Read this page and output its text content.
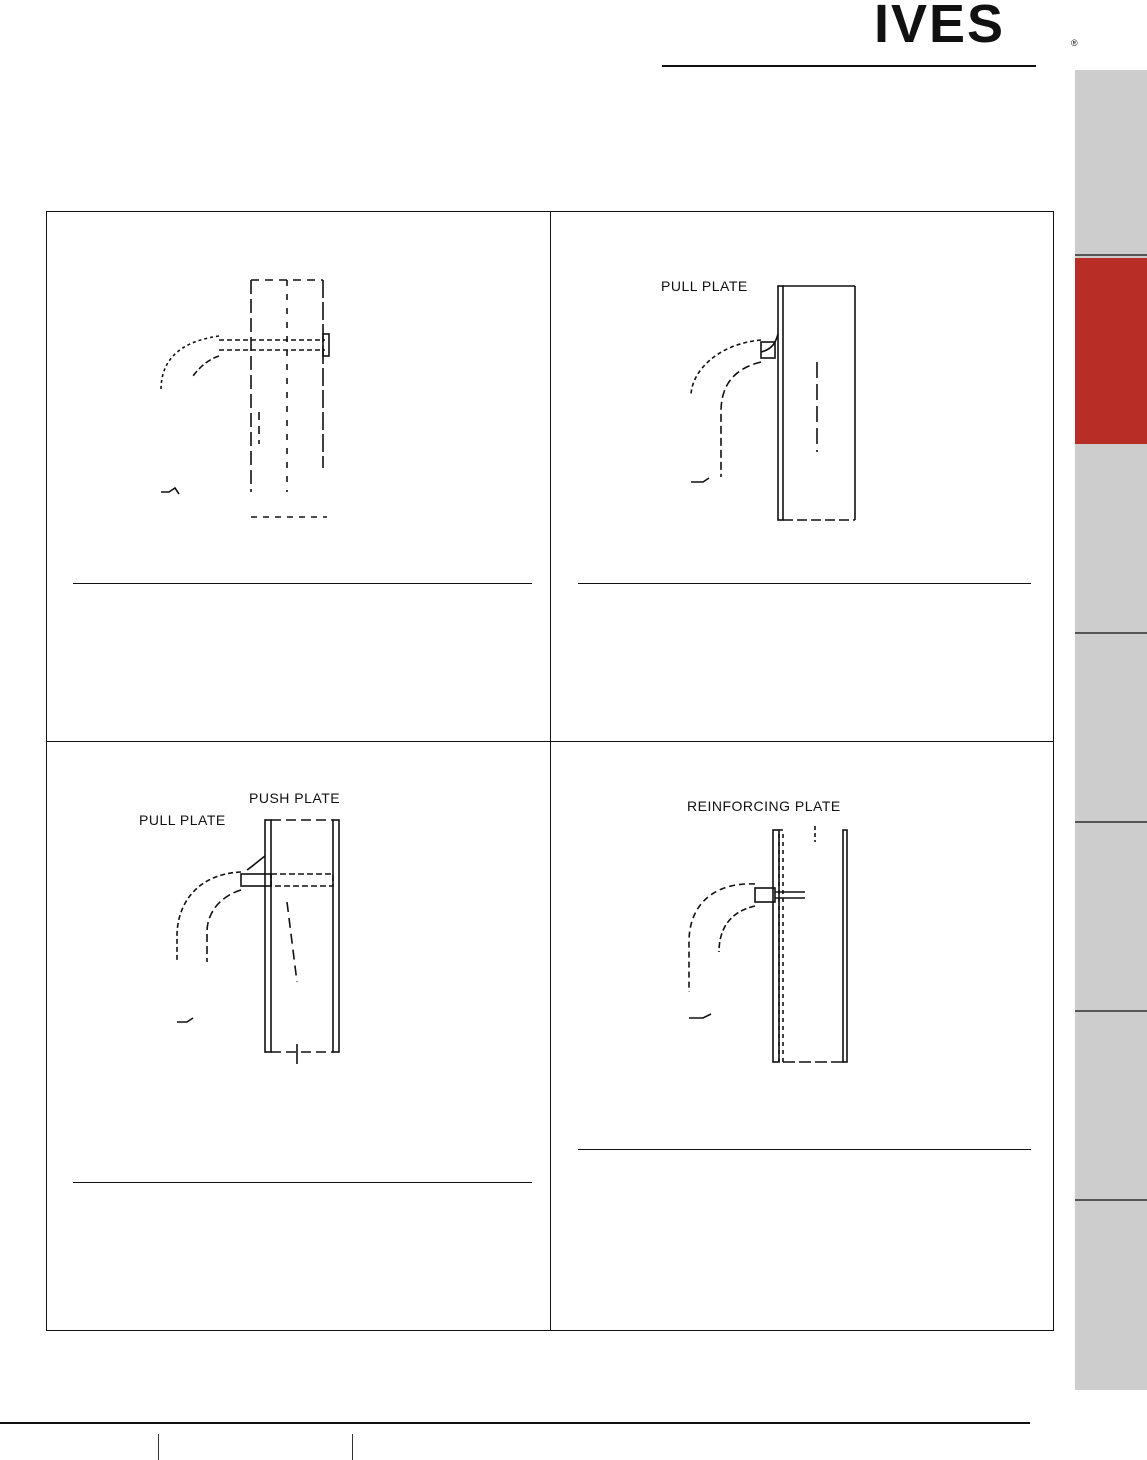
IVES	®
PULL PLATE
PUSH PLATE
PULL PLATE
REINFORCING PLATE
